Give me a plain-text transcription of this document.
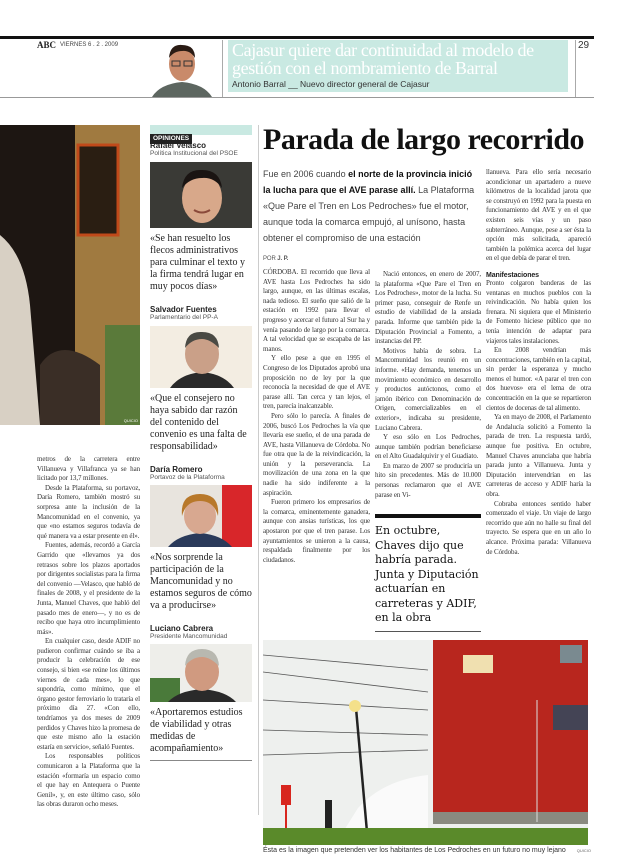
ABC VIERNES 6 . 2 . 2009	Cajasur quiere dar continuidad al modelo de gestión con el nombramiento de Barral

Antonio Barral __ Nuevo director general de Cajasur

29
QUICIO

metros de la carretera entre Villanueva y Villafranca ya se han licitado por 13,7 millones.

Desde la Plataforma, su portavoz, Daría Romero, también mostró su sorpresa ante la inclusión de la Mancomunidad en el convenio, ya que «no estamos seguros todavía de qué manera va a estar presente en él».

Fuentes, además, recordó a García Garrido que «llevamos ya dos retrasos sobre los plazos aportados por dirigentes socialistas para la firma del convenio —Velasco, que habló de finales de 2008, y el presidente de la Junta, Manuel Chaves, que habló del pasado mes de enero—, y no es de recibo que haya otro incumplimiento más».

En cualquier caso, desde ADIF no pudieron confirmar cuándo se iba a producir la celebración de ese consejo, si bien «se reúne los últimos viernes de cada mes», lo que supondría, como mínimo, que el órgano gestor ferroviario lo trataría el próximo día 27. «Con ello, tendríamos ya dos meses de 2009 perdidos y Chaves hizo la promesa de que este mismo año la estación estaría en servicio», señaló Fuentes.

Los responsables políticos comunicaron a la Plataforma que la estación «formaría un espacio como el que hay en Antequera o Puente Genil», y, en este último caso, sólo las obras duraron ocho meses.

OPINIONES
Rafael Velasco
Política Institucional del PSOE
«Se han resuelto los flecos administrativos para culminar el texto y la firma tendrá lugar en muy pocos días»
Salvador Fuentes
Parlamentario del PP-A
«Que el consejero no haya sabido dar razón del contenido del convenio es una falta de responsabilidad»
Daría Romero
Portavoz de la Plataforma
«Nos sorprende la participación de la Mancomunidad y no estamos seguros de cómo va a producirse»
Luciano Cabrera
Presidente Mancomunidad
«Aportaremos estudios de viabilidad y otras medidas de acompañamiento»
Parada de largo recorrido
Fue en 2006 cuando el norte de la provincia inició la lucha para que el AVE parase allí. La Plataforma «Que Pare el Tren en Los Pedroches» fue el motor, aunque toda la comarca empujó, al unísono, hasta obtener el compromiso de una estación
POR J. P.

CÓRDOBA. El recorrido que lleva al AVE hasta Los Pedroches ha sido largo, aunque, en las últimas escalas, nada tedioso. El sueño que salió de la estación en 1992 para llevar el progreso y acercar el futuro al Sur ha y venía pasando de largo por la comarca. A tal velocidad que se escapaba de las manos.

Y ello pese a que en 1995 el Congreso de los Diputados aprobó una proposición no de ley por la que reconocía la necesidad de que el AVE parase allí. Tan cerca y tan lejos, el tren, parecía inalcanzable.

Pero sólo lo parecía. A finales de 2006, buscó Los Pedroches la vía que llevaría ese sueño, el de una parada de AVE, hasta Villanueva de Córdoba. No fue otra que la de la reivindicación, la unión y la perseverancia. La movilización de una zona en la que nadie ha sido indiferente a la aspiración.

Fueron primero los empresarios de la comarca, eminentemente ganadera, aunque con ansias turísticas, los que apostaron por que el tren parase. Los ayuntamientos se unieron a la causa, respaldada finalmente por los ciudadanos.

Nació entonces, en enero de 2007, la plataforma «Que Pare el Tren en Los Pedroches», motor de la lucha. Su primer paso, conseguir de Renfe un estudio de viabilidad de la ansiada parada. Informe que también pide la Diputación Provincial a Fomento, a instancias del PP.

Motivos había de sobra. La Mancomunidad los reunió en un informe. «Hay demanda, tenemos un movimiento económico en desarrollo y productos autóctonos, como el jamón ibérico con Denominación de Origen, comercializables en el exterior», indicaba su presidente, Luciano Cabrera.

Y eso sólo en Los Pedroches, aunque también podrían beneficiarse en el Alto Guadalquivir y el Guadiato.

En marzo de 2007 se produciría un hito sin precedentes. Más de 10.000 personas reclamaron que el AVE parase en Vi-

En octubre, Chaves dijo que habría parada. Junta y Diputación actuarían en carreteras y ADIF, en la obra

llanueva. Para ello sería necesario acondicionar un apartadero a nueve kilómetros de la localidad jarota que se construyó en 1992 para la puesta en funcionamiento del AVE y en el que existen seis vías y un paso subterráneo. Aunque, pese a ser ésta la opción más solicitada, apareció también la polémica acerca del lugar en el que debía de parar el tren.

Manifestaciones

Pronto colgaron banderas de las ventanas en muchos pueblos con la reivindicación. No había quien los frenara. Ni siquiera que el Ministerio de Fomento hiciese público que no tenía intención de adaptar para viajeros tales instalaciones.

En 2008 vendrían más concentraciones, también en la capital, sin perder la esperanza y mucho menos el humor. «A parar el tren con dos huevos» era el lema de otra concentración en la que se repartieron cientos de docenas de tal alimento.

Ya en mayo de 2008, el Parlamento de Andalucía solicitó a Fomento la parada de tren. La respuesta tardó, aunque fue positiva. En octubre, Manuel Chaves anunciaba que habría parada junto a Villanueva. Junta y Diputación intervendrían en las carreteras de acceso y ADIF haría la obra.

Cobraba entonces sentido haber comenzado el viaje. Un viaje de largo recorrido que aún no halle su final del trayecto. Se espera que en un año lo alcance. Próxima parada: Villanueva de Córdoba.

Ésta es la imagen que pretenden ver los habitantes de Los Pedroches en un futuro no muy lejano	QUICIO
